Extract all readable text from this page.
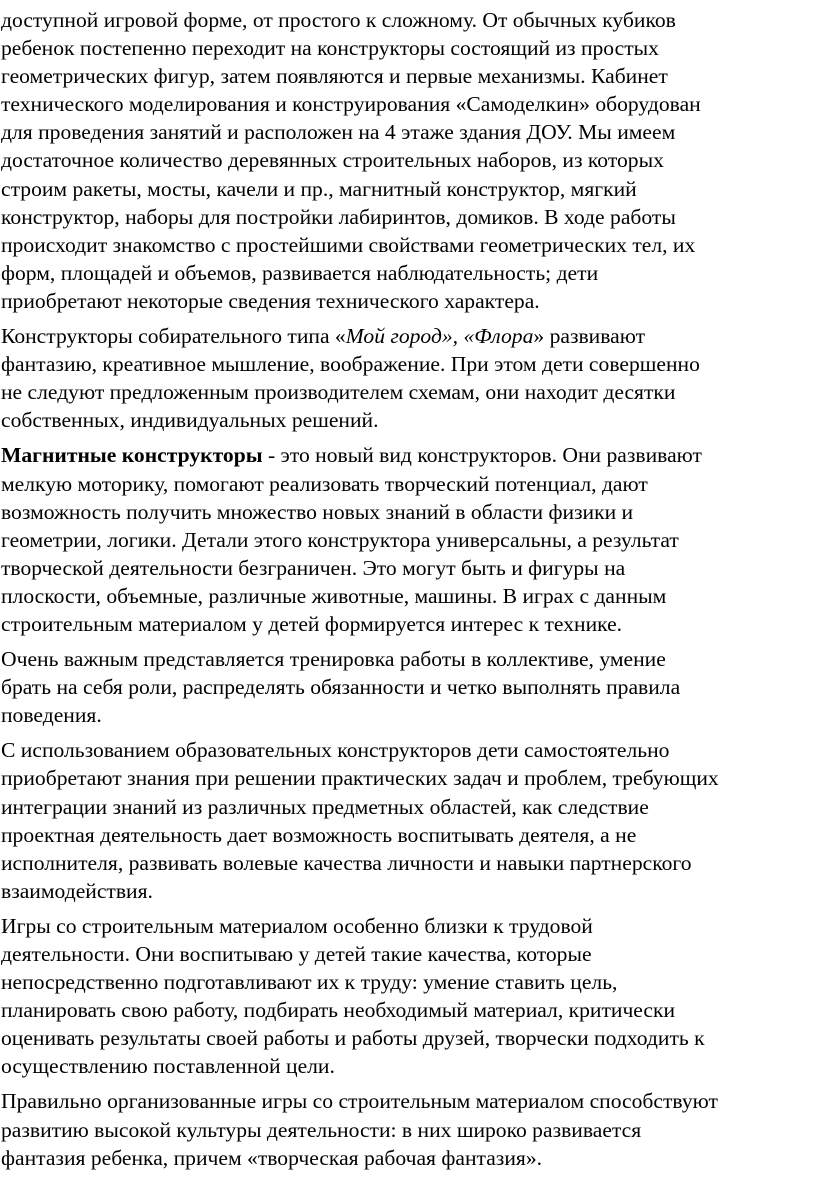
доступной игровой форме, от простого к сложному. От обычных кубиков
ребенок постепенно переходит на конструкторы состоящий из простых
геометрических фигур, затем появляются и первые механизмы. Кабинет
технического моделирования и конструирования «Самоделкин» оборудован
для проведения занятий и расположен на 4 этаже здания ДОУ. Мы имеем
достаточное количество деревянных строительных наборов, из которых
строим ракеты, мосты, качели и пр., магнитный конструктор, мягкий
конструктор, наборы для постройки лабиринтов, домиков. В ходе работы
происходит знакомство с простейшими свойствами геометрических тел, их
форм, площадей и объемов, развивается наблюдательность; дети
приобретают некоторые сведения технического характера.

Конструкторы собирательного типа «Мой город», «Флора» развивают
фантазию, креативное мышление, воображение. При этом дети совершенно
не следуют предложенным производителем схемам, они находит десятки
собственных, индивидуальных решений.

Магнитные конструкторы - это новый вид конструкторов. Они развивают
мелкую моторику, помогают реализовать творческий потенциал, дают
возможность получить множество новых знаний в области физики и
геометрии, логики. Детали этого конструктора универсальны, а результат
творческой деятельности безграничен. Это могут быть и фигуры на
плоскости, объемные, различные животные, машины. В играх с данным
строительным материалом у детей формируется интерес к технике.

Очень важным представляется тренировка работы в коллективе, умение
брать на себя роли, распределять обязанности и четко выполнять правила
поведения.

С использованием образовательных конструкторов дети самостоятельно
приобретают знания при решении практических задач и проблем, требующих
интеграции знаний из различных предметных областей, как следствие
проектная деятельность дает возможность воспитывать деятеля, а не
исполнителя, развивать волевые качества личности и навыки партнерского
взаимодействия.

Игры со строительным материалом особенно близки к трудовой
деятельности. Они воспитываю у детей такие качества, которые
непосредственно подготавливают их к труду: умение ставить цель,
планировать свою работу, подбирать необходимый материал, критически
оценивать результаты своей работы и работы друзей, творчески подходить к
осуществлению поставленной цели.

Правильно организованные игры со строительным материалом способствуют
развитию высокой культуры деятельности: в них широко развивается
фантазия ребенка, причем «творческая рабочая фантазия».
